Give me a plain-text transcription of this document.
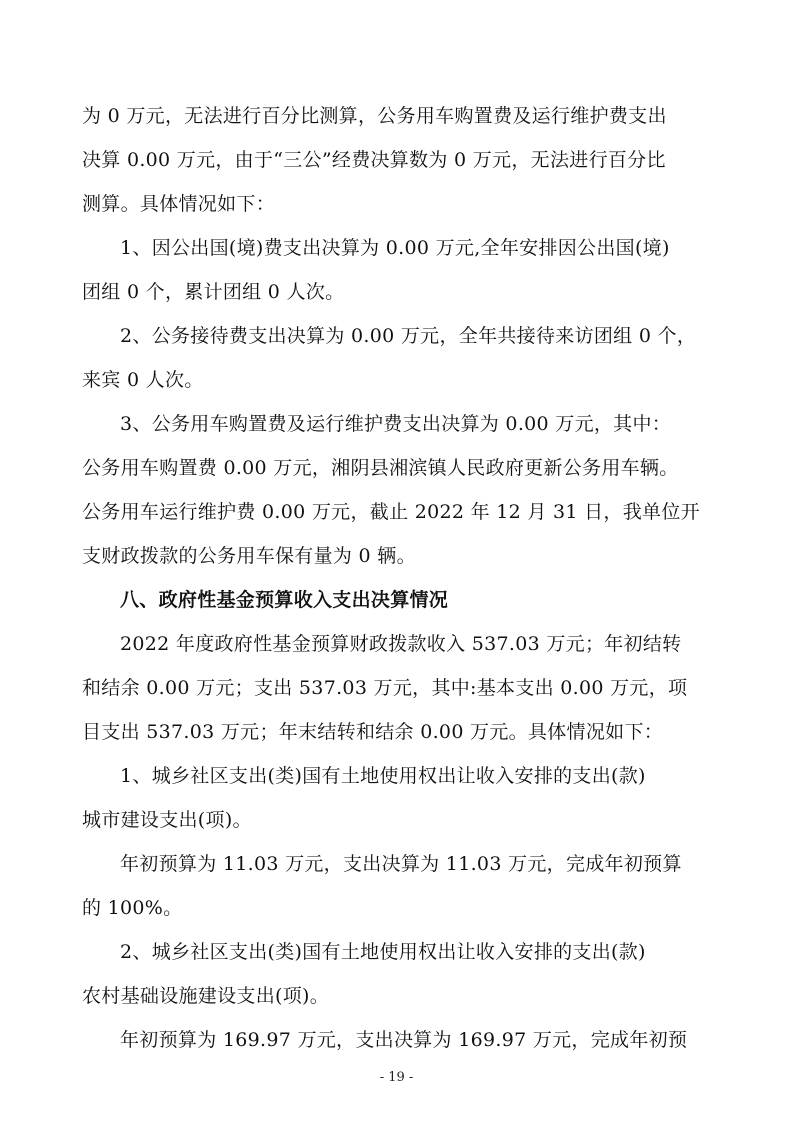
为 0 万元，无法进行百分比测算，公务用车购置费及运行维护费支出
决算 0.00 万元，由于“三公”经费决算数为 0 万元，无法进行百分比
测算。具体情况如下：
1、因公出国(境)费支出决算为 0.00 万元,全年安排因公出国(境)
团组 0 个，累计团组 0 人次。
2、公务接待费支出决算为 0.00 万元，全年共接待来访团组 0 个，
来宾 0 人次。
3、公务用车购置费及运行维护费支出决算为 0.00 万元，其中：
公务用车购置费 0.00 万元，湘阴县湘滨镇人民政府更新公务用车辆。
公务用车运行维护费 0.00 万元，截止 2022 年 12 月 31 日，我单位开
支财政拨款的公务用车保有量为 0 辆。
八、政府性基金预算收入支出决算情况
2022 年度政府性基金预算财政拨款收入 537.03 万元；年初结转
和结余 0.00 万元；支出 537.03 万元，其中:基本支出 0.00 万元，项
目支出 537.03 万元；年末结转和结余 0.00 万元。具体情况如下：
1、城乡社区支出(类)国有土地使用权出让收入安排的支出(款)
城市建设支出(项)。
年初预算为 11.03 万元，支出决算为 11.03 万元，完成年初预算
的 100%。
2、城乡社区支出(类)国有土地使用权出让收入安排的支出(款)
农村基础设施建设支出(项)。
年初预算为 169.97 万元，支出决算为 169.97 万元，完成年初预
- 19 -
